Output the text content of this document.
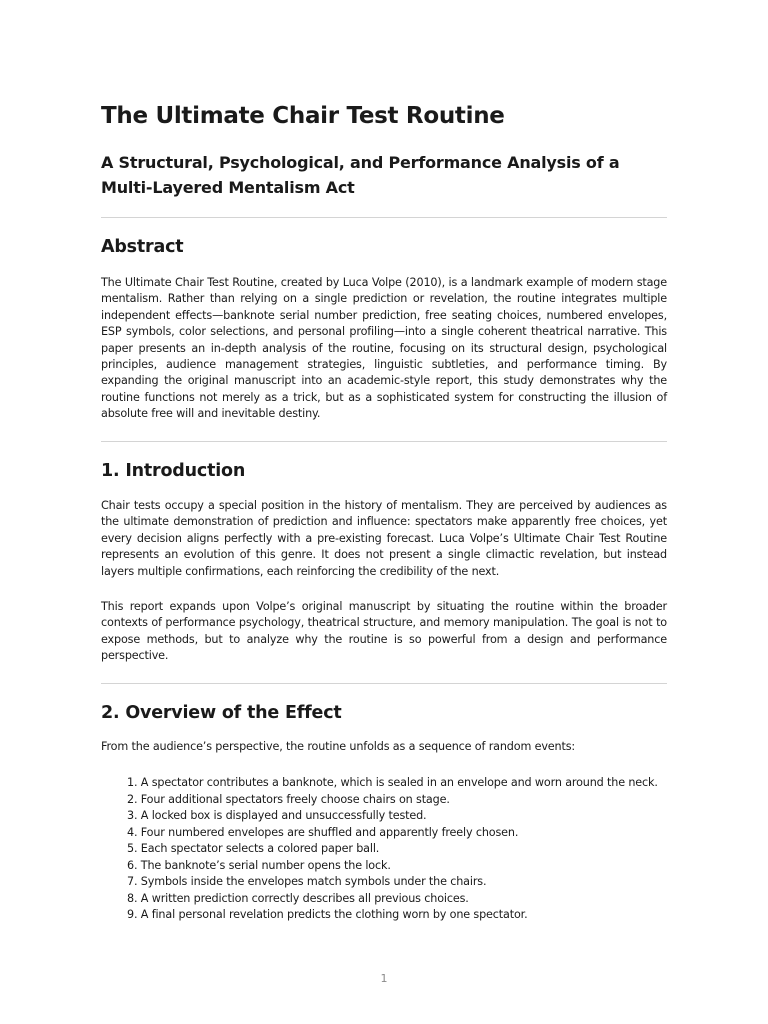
The Ultimate Chair Test Routine
A Structural, Psychological, and Performance Analysis of a Multi-Layered Mentalism Act
Abstract

The Ultimate Chair Test Routine, created by Luca Volpe (2010), is a landmark example of modern stage mentalism. Rather than relying on a single prediction or revelation, the routine integrates multiple independent effects—banknote serial number prediction, free seating choices, numbered envelopes, ESP symbols, color selections, and personal profiling—into a single coherent theatrical narrative. This paper presents an in-depth analysis of the routine, focusing on its structural design, psychological principles, audience management strategies, linguistic subtleties, and performance timing. By expanding the original manuscript into an academic-style report, this study demonstrates why the routine functions not merely as a trick, but as a sophisticated system for constructing the illusion of absolute free will and inevitable destiny.

1. Introduction

Chair tests occupy a special position in the history of mentalism. They are perceived by audiences as the ultimate demonstration of prediction and influence: spectators make apparently free choices, yet every decision aligns perfectly with a pre-existing forecast. Luca Volpe’s Ultimate Chair Test Routine represents an evolution of this genre. It does not present a single climactic revelation, but instead layers multiple confirmations, each reinforcing the credibility of the next.

This report expands upon Volpe’s original manuscript by situating the routine within the broader contexts of performance psychology, theatrical structure, and memory manipulation. The goal is not to expose methods, but to analyze why the routine is so powerful from a design and performance perspective.

2. Overview of the Effect

From the audience’s perspective, the routine unfolds as a sequence of random events:

1. A spectator contributes a banknote, which is sealed in an envelope and worn around the neck.
2. Four additional spectators freely choose chairs on stage.
3. A locked box is displayed and unsuccessfully tested.
4. Four numbered envelopes are shuffled and apparently freely chosen.
5. Each spectator selects a colored paper ball.
6. The banknote’s serial number opens the lock.
7. Symbols inside the envelopes match symbols under the chairs.
8. A written prediction correctly describes all previous choices.
9. A final personal revelation predicts the clothing worn by one spectator.
1
